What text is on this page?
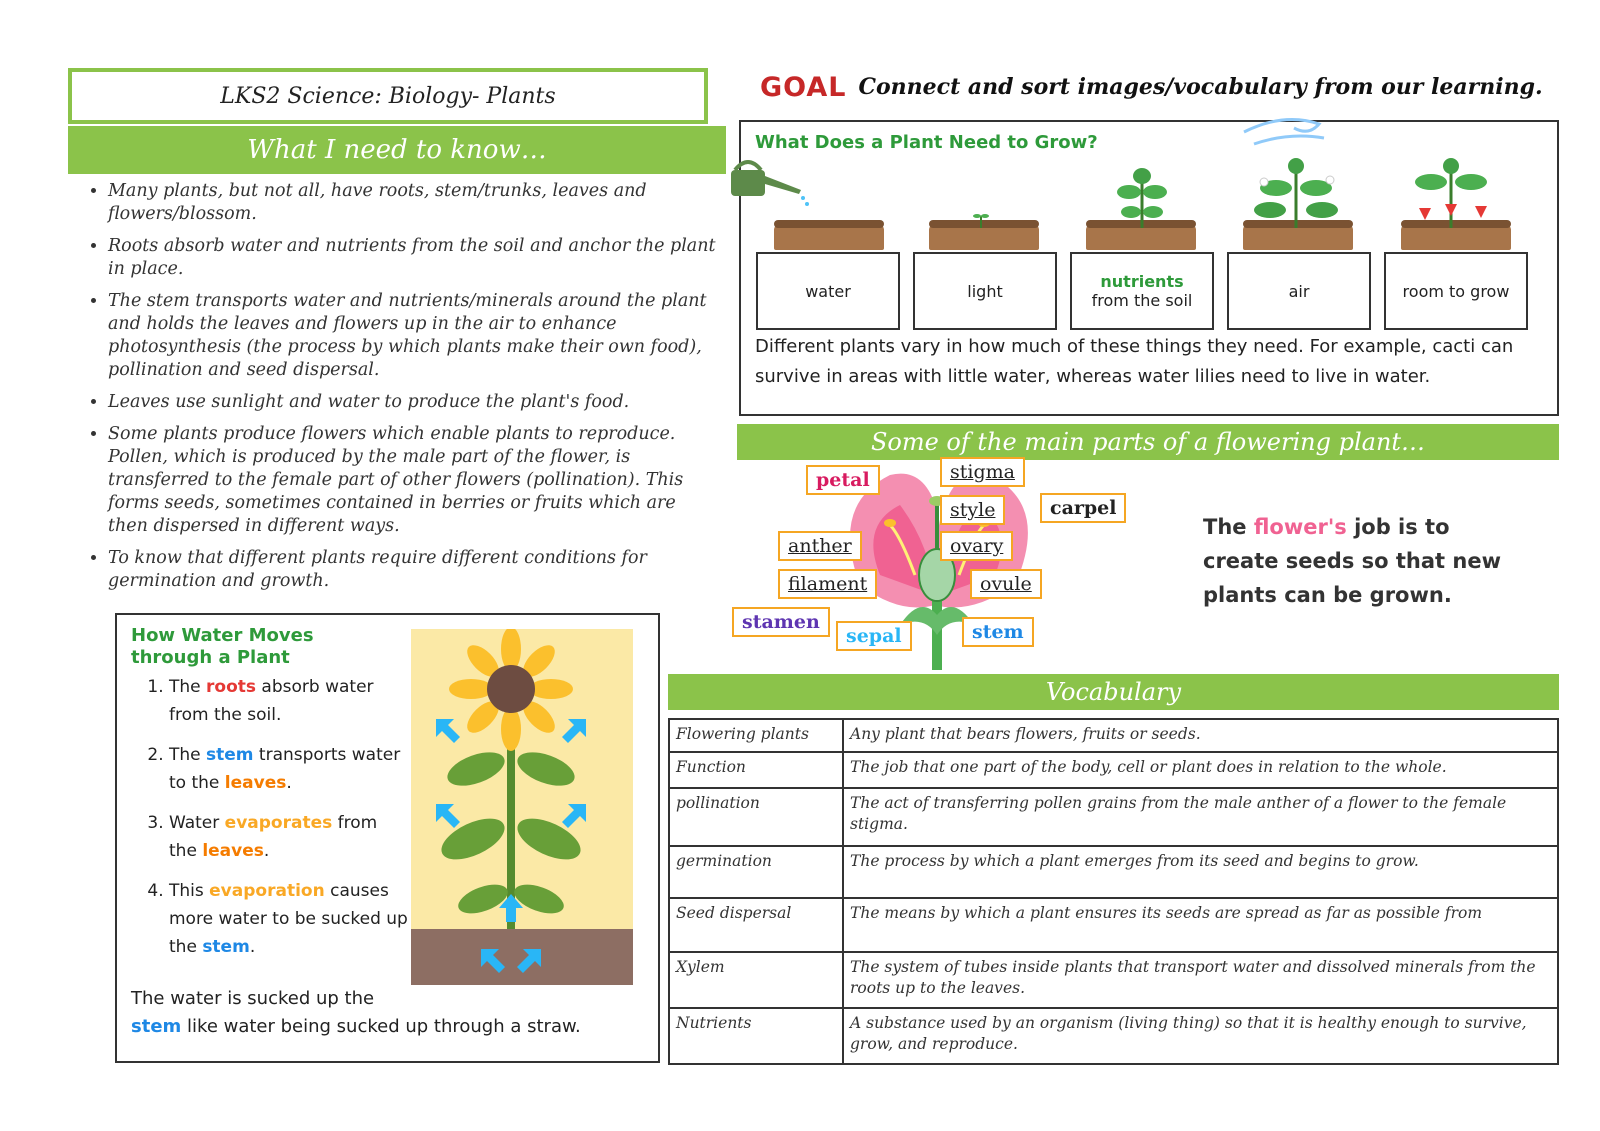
LKS2 Science: Biology- Plants
What I need to know…
• Many plants, but not all, have roots, stem/trunks, leaves and flowers/blossom.
• Roots absorb water and nutrients from the soil and anchor the plant in place.
• The stem transports water and nutrients/minerals around the plant and holds the leaves and flowers up in the air to enhance photosynthesis (the process by which plants make their own food), pollination and seed dispersal.
• Leaves use sunlight and water to produce the plant's food.
• Some plants produce flowers which enable plants to reproduce. Pollen, which is produced by the male part of the flower, is transferred to the female part of other flowers (pollination). This forms seeds, sometimes contained in berries or fruits which are then dispersed in different ways.
• To know that different plants require different conditions for germination and growth.
GOAL Connect and sort images/vocabulary from our learning.
What Does a Plant Need to Grow?
water	light	nutrients
from the soil	air	room to grow
Different plants vary in how much of these things they need. For example, cacti can survive in areas with little water, whereas water lilies need to live in water.
Some of the main parts of a flowering plant…
petal	stigma
style	carpel
anther	ovary
filament	ovule
stamen
sepal	stem
The flower's job is to create seeds so that new plants can be grown.
How Water Moves through a Plant
1. The roots absorb water from the soil.
2. The stem transports water to the leaves.
3. Water evaporates from the leaves.
4. This evaporation causes more water to be sucked up the stem.
The water is sucked up the
stem like water being sucked up through a straw.
Vocabulary
Flowering plants	Any plant that bears flowers, fruits or seeds.
Function	The job that one part of the body, cell or plant does in relation to the whole.
pollination	The act of transferring pollen grains from the male anther of a flower to the female stigma.
germination	The process by which a plant emerges from its seed and begins to grow.
Seed dispersal	The means by which a plant ensures its seeds are spread as far as possible from
Xylem	The system of tubes inside plants that transport water and dissolved minerals from the roots up to the leaves.
Nutrients	A substance used by an organism (living thing) so that it is healthy enough to survive, grow, and reproduce.
